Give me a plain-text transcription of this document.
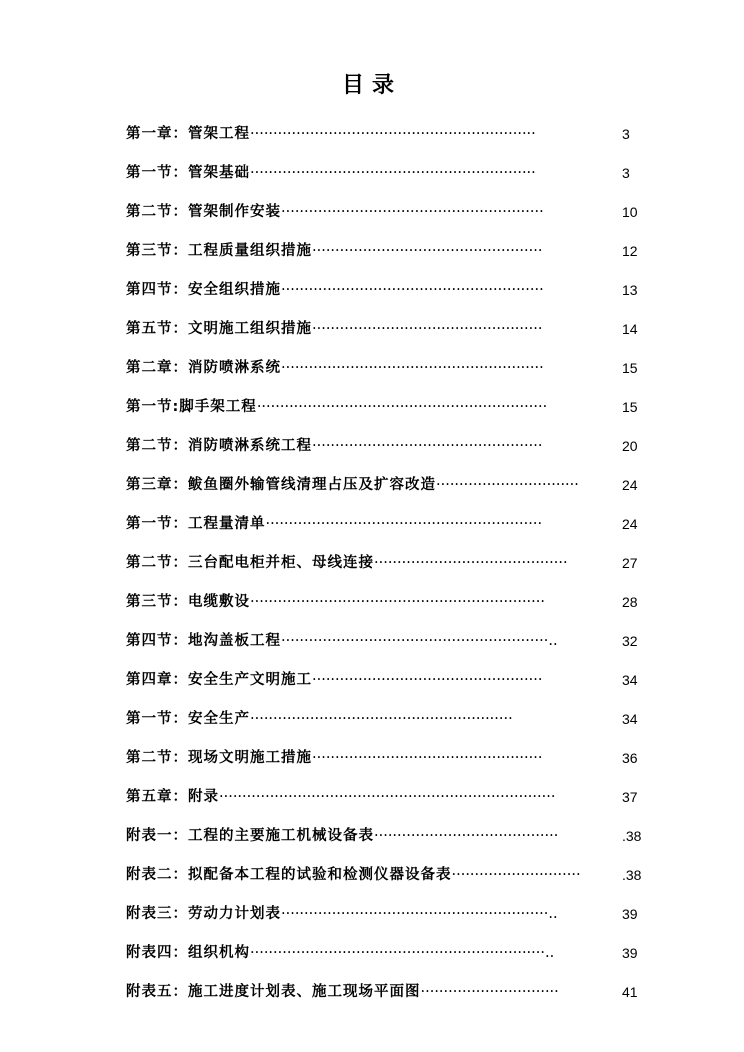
目录
第一章：管架工程······························································	3
第一节：管架基础······························································	3
第二节：管架制作安装·························································	10
第三节：工程质量组织措施··················································	12
第四节：安全组织措施·························································	13
第五节：文明施工组织措施··················································	14
第二章：消防喷淋系统·························································	15
第一节:脚手架工程·······························································	15
第二节：消防喷淋系统工程··················································	20
第三章：鲅鱼圈外输管线清理占压及扩容改造·······························	24
第一节：工程量清单····························································	24
第二节：三台配电柜并柜、母线连接··········································	27
第三节：电缆敷设································································	28
第四节：地沟盖板工程··························································..	32
第四章：安全生产文明施工··················································	34
第一节：安全生产·························································	34
第二节：现场文明施工措施··················································	36
第五章：附录·········································································	37
附表一：工程的主要施工机械设备表········································	.38
附表二：拟配备本工程的试验和检测仪器设备表····························	.38
附表三：劳动力计划表··························································..	39
附表四：组织机构································································..	39
附表五：施工进度计划表、施工现场平面图······························	41
